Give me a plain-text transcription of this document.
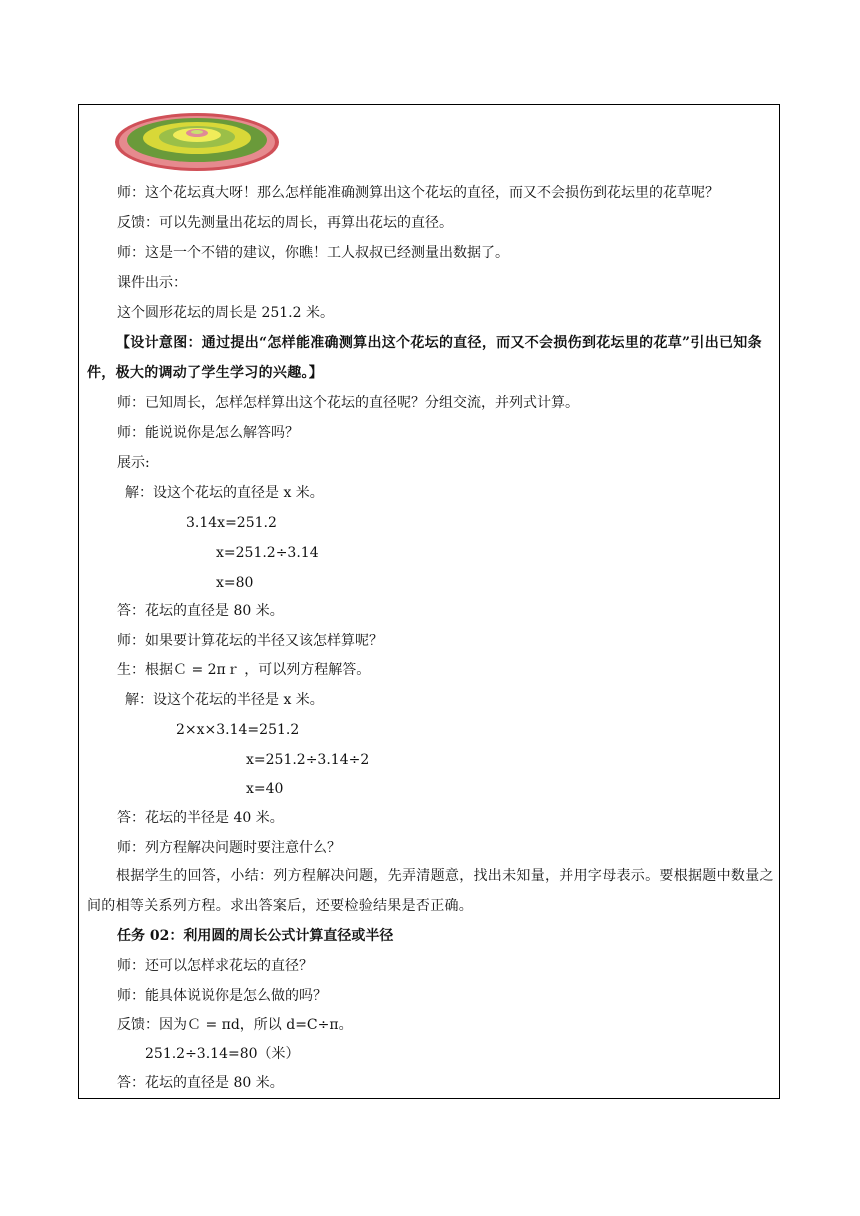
师：这个花坛真大呀！那么怎样能准确测算出这个花坛的直径，而又不会损伤到花坛里的花草呢？
反馈：可以先测量出花坛的周长，再算出花坛的直径。
师：这是一个不错的建议，你瞧！工人叔叔已经测量出数据了。
课件出示：
这个圆形花坛的周长是 251.2 米。
【设计意图：通过提出“怎样能准确测算出这个花坛的直径，而又不会损伤到花坛里的花草”引出已知条件，极大的调动了学生学习的兴趣。】
师：已知周长，怎样怎样算出这个花坛的直径呢？分组交流，并列式计算。
师：能说说你是怎么解答吗？
展示:
解：设这个花坛的直径是 x 米。
3.14x=251.2
x=251.2÷3.14
x=80
答：花坛的直径是 80 米。
师：如果要计算花坛的半径又该怎样算呢？
生：根据Ｃ = 2πｒ ，可以列方程解答。
解：设这个花坛的半径是 x 米。
2×x×3.14=251.2
x=251.2÷3.14÷2
x=40
答：花坛的半径是 40 米。
师：列方程解决问题时要注意什么？
根据学生的回答，小结：列方程解决问题，先弄清题意，找出未知量，并用字母表示。要根据题中数量之间的相等关系列方程。求出答案后，还要检验结果是否正确。
任务 02：利用圆的周长公式计算直径或半径
师：还可以怎样求花坛的直径？
师：能具体说说你是怎么做的吗？
反馈：因为Ｃ = πd，所以 d=C÷π。
251.2÷3.14=80（米）
答：花坛的直径是 80 米。
